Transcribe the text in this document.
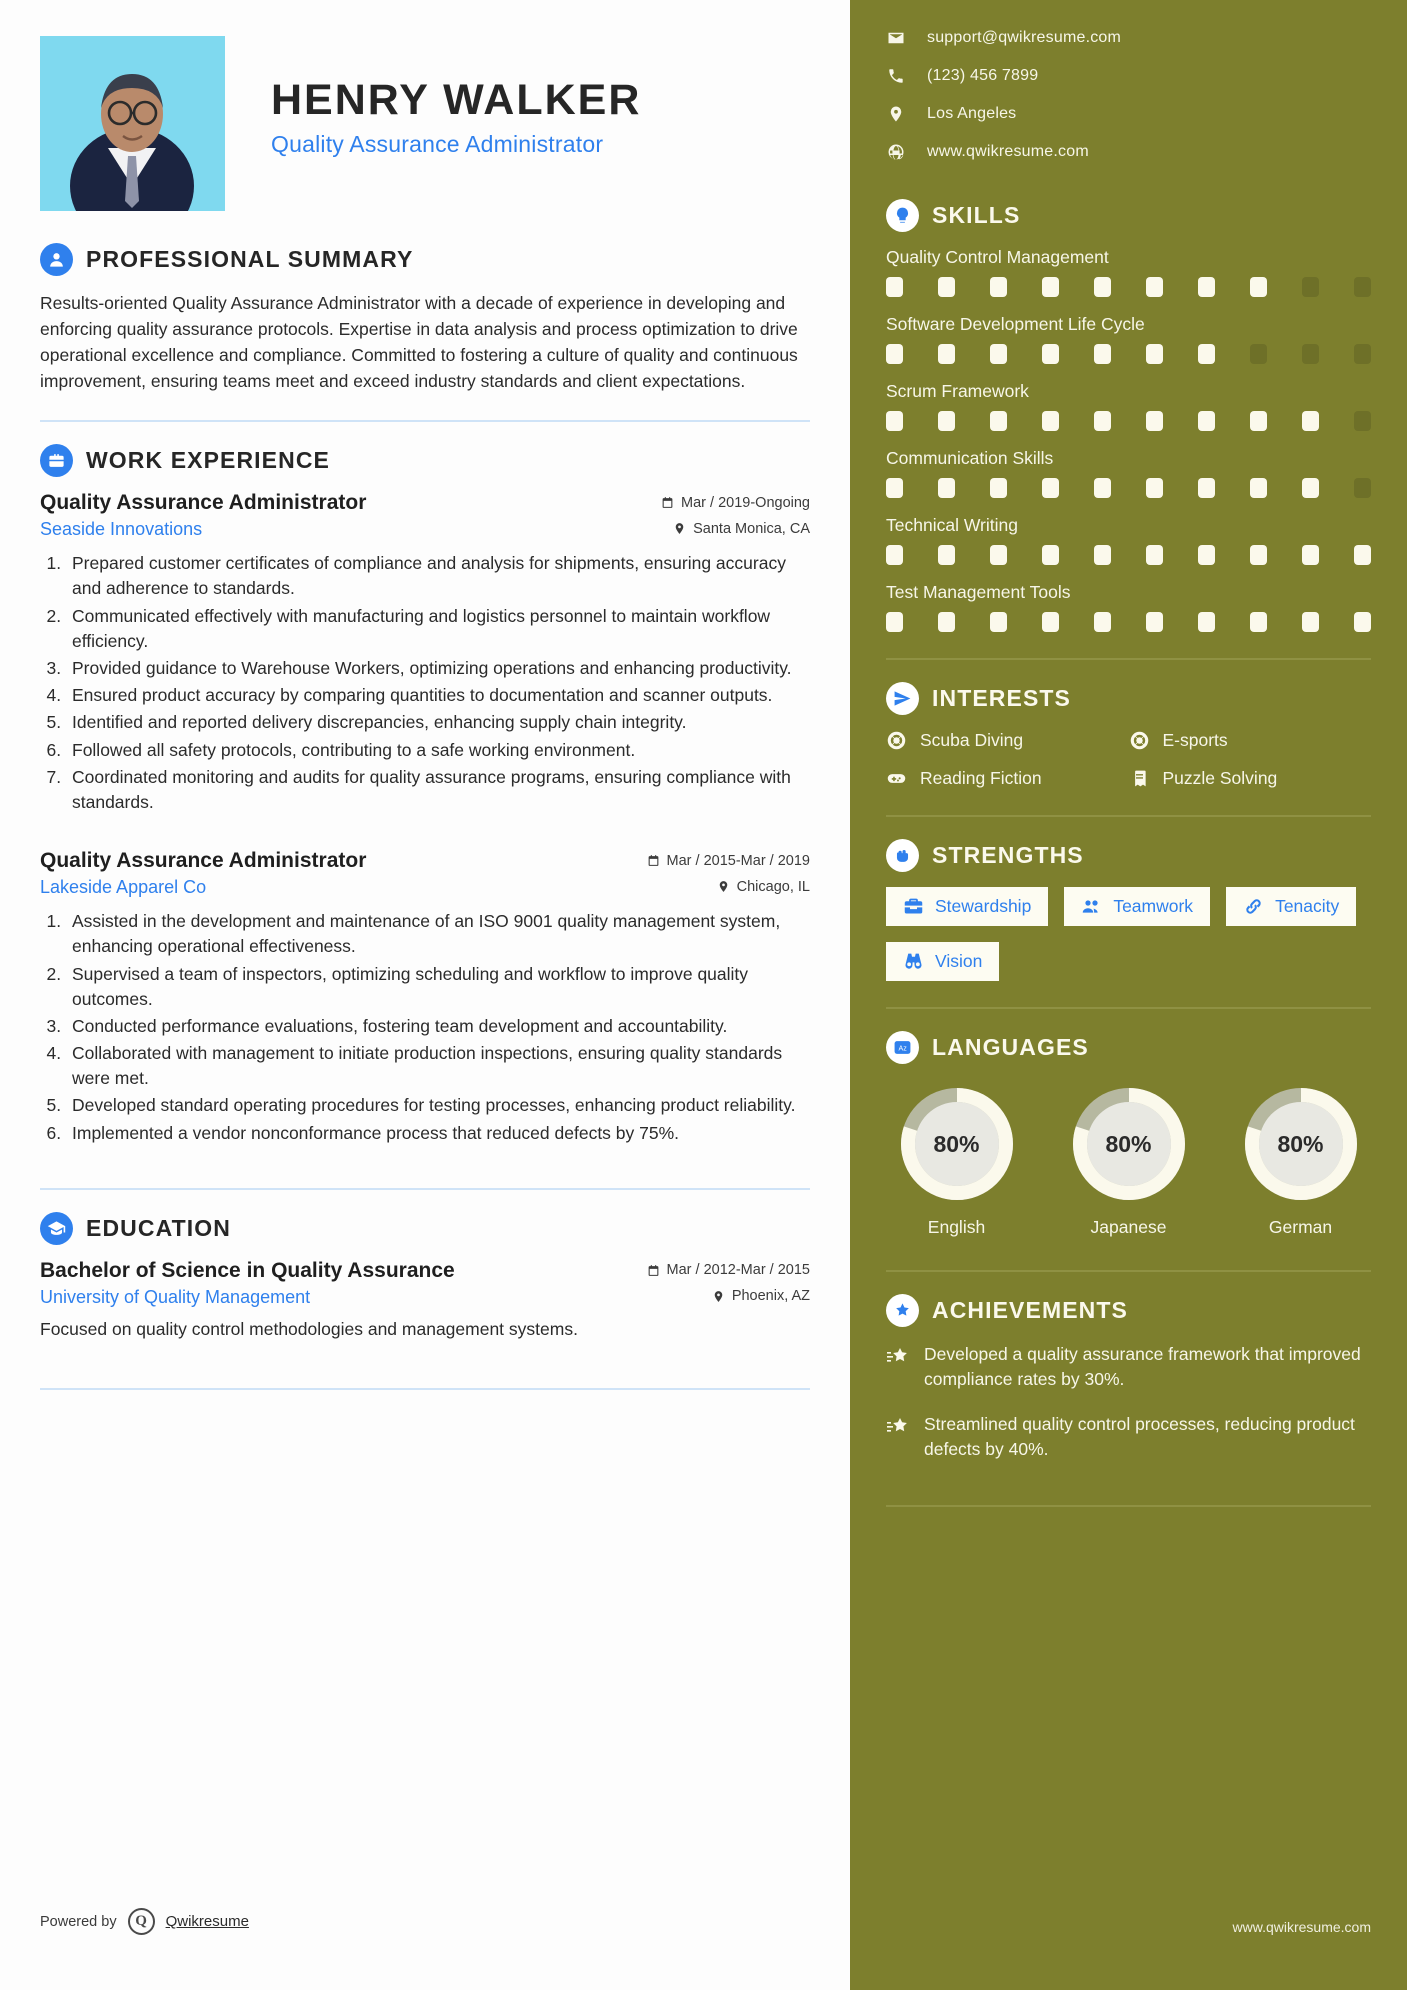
HENRY WALKER
Quality Assurance Administrator
PROFESSIONAL SUMMARY
Results-oriented Quality Assurance Administrator with a decade of experience in developing and enforcing quality assurance protocols. Expertise in data analysis and process optimization to drive operational excellence and compliance. Committed to fostering a culture of quality and continuous improvement, ensuring teams meet and exceed industry standards and client expectations.
WORK EXPERIENCE
Quality Assurance Administrator	Mar / 2019-Ongoing
Seaside Innovations	Santa Monica, CA
1. Prepared customer certificates of compliance and analysis for shipments, ensuring accuracy and adherence to standards.
2. Communicated effectively with manufacturing and logistics personnel to maintain workflow efficiency.
3. Provided guidance to Warehouse Workers, optimizing operations and enhancing productivity.
4. Ensured product accuracy by comparing quantities to documentation and scanner outputs.
5. Identified and reported delivery discrepancies, enhancing supply chain integrity.
6. Followed all safety protocols, contributing to a safe working environment.
7. Coordinated monitoring and audits for quality assurance programs, ensuring compliance with standards.
Quality Assurance Administrator	Mar / 2015-Mar / 2019
Lakeside Apparel Co	Chicago, IL
1. Assisted in the development and maintenance of an ISO 9001 quality management system, enhancing operational effectiveness.
2. Supervised a team of inspectors, optimizing scheduling and workflow to improve quality outcomes.
3. Conducted performance evaluations, fostering team development and accountability.
4. Collaborated with management to initiate production inspections, ensuring quality standards were met.
5. Developed standard operating procedures for testing processes, enhancing product reliability.
6. Implemented a vendor nonconformance process that reduced defects by 75%.
EDUCATION
Bachelor of Science in Quality Assurance	Mar / 2012-Mar / 2015
University of Quality Management	Phoenix, AZ
Focused on quality control methodologies and management systems.
Powered by	Q	Qwikresume
support@qwikresume.com
(123) 456 7899
Los Angeles
www.qwikresume.com
SKILLS
Quality Control Management
Software Development Life Cycle
Scrum Framework
Communication Skills
Technical Writing
Test Management Tools
INTERESTS
Scuba Diving	E-sports
Reading Fiction	Puzzle Solving
STRENGTHS
Stewardship	Teamwork	Tenacity
Vision
A z LANGUAGES
80%
English
80%
Japanese
80%
German
ACHIEVEMENTS
Developed a quality assurance framework that improved compliance rates by 30%.
Streamlined quality control processes, reducing product defects by 40%.
www.qwikresume.com
